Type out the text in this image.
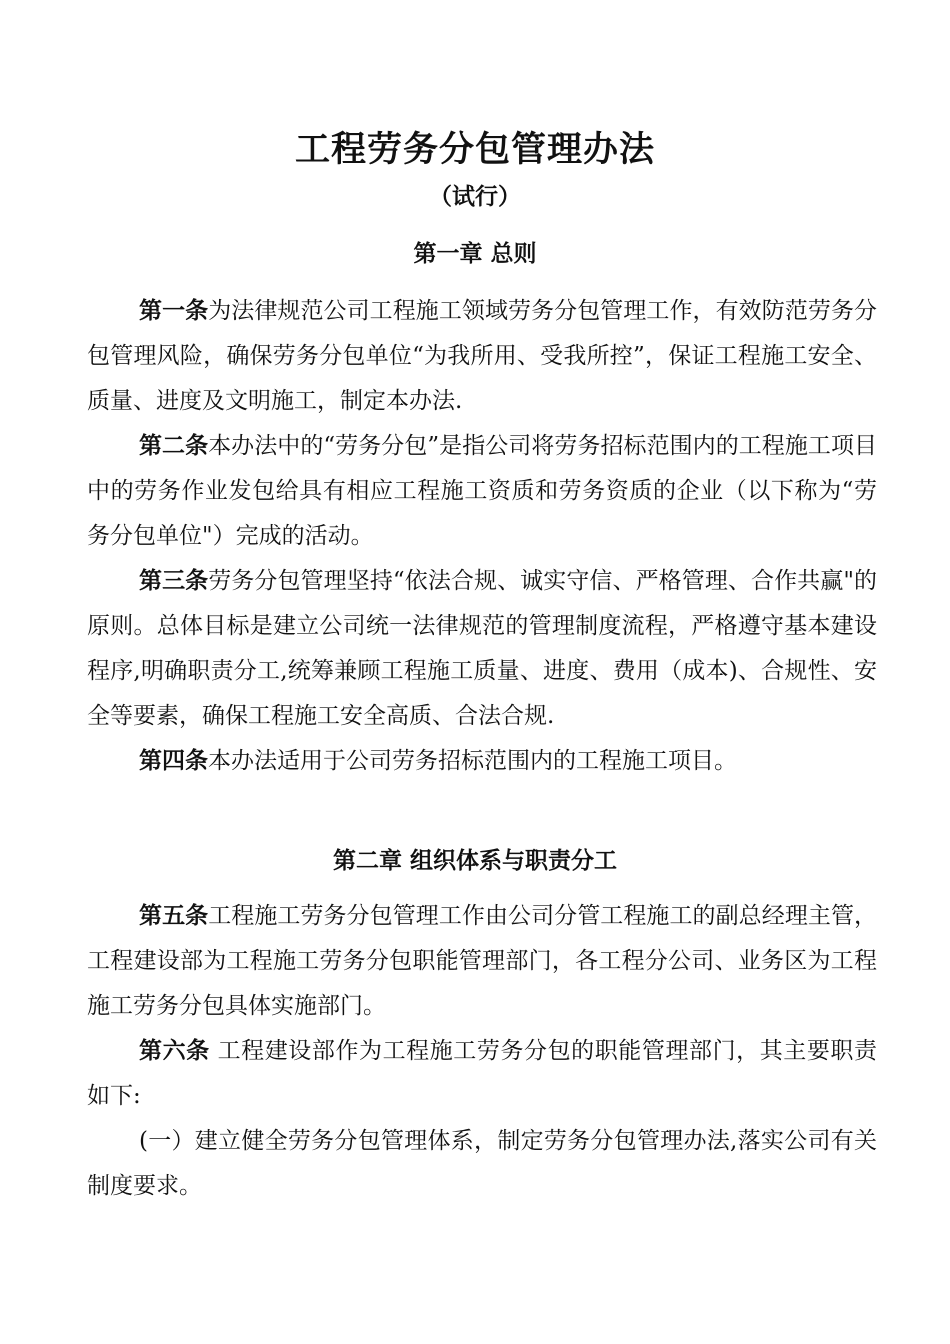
工程劳务分包管理办法
（试行）
第一章 总则

第一条为法律规范公司工程施工领域劳务分包管理工作，有效防范劳务分包管理风险，确保劳务分包单位“为我所用、受我所控”，保证工程施工安全、质量、进度及文明施工，制定本办法.

第二条本办法中的“劳务分包”是指公司将劳务招标范围内的工程施工项目中的劳务作业发包给具有相应工程施工资质和劳务资质的企业（以下称为“劳务分包单位"）完成的活动。

第三条劳务分包管理坚持“依法合规、诚实守信、严格管理、合作共赢"的原则。总体目标是建立公司统一法律规范的管理制度流程，严格遵守基本建设程序,明确职责分工,统筹兼顾工程施工质量、进度、费用（成本)、合规性、安全等要素，确保工程施工安全高质、合法合规.

第四条本办法适用于公司劳务招标范围内的工程施工项目。

第二章 组织体系与职责分工

第五条工程施工劳务分包管理工作由公司分管工程施工的副总经理主管，工程建设部为工程施工劳务分包职能管理部门，各工程分公司、业务区为工程施工劳务分包具体实施部门。

第六条 工程建设部作为工程施工劳务分包的职能管理部门，其主要职责如下:

(一）建立健全劳务分包管理体系，制定劳务分包管理办法,落实公司有关制度要求。
